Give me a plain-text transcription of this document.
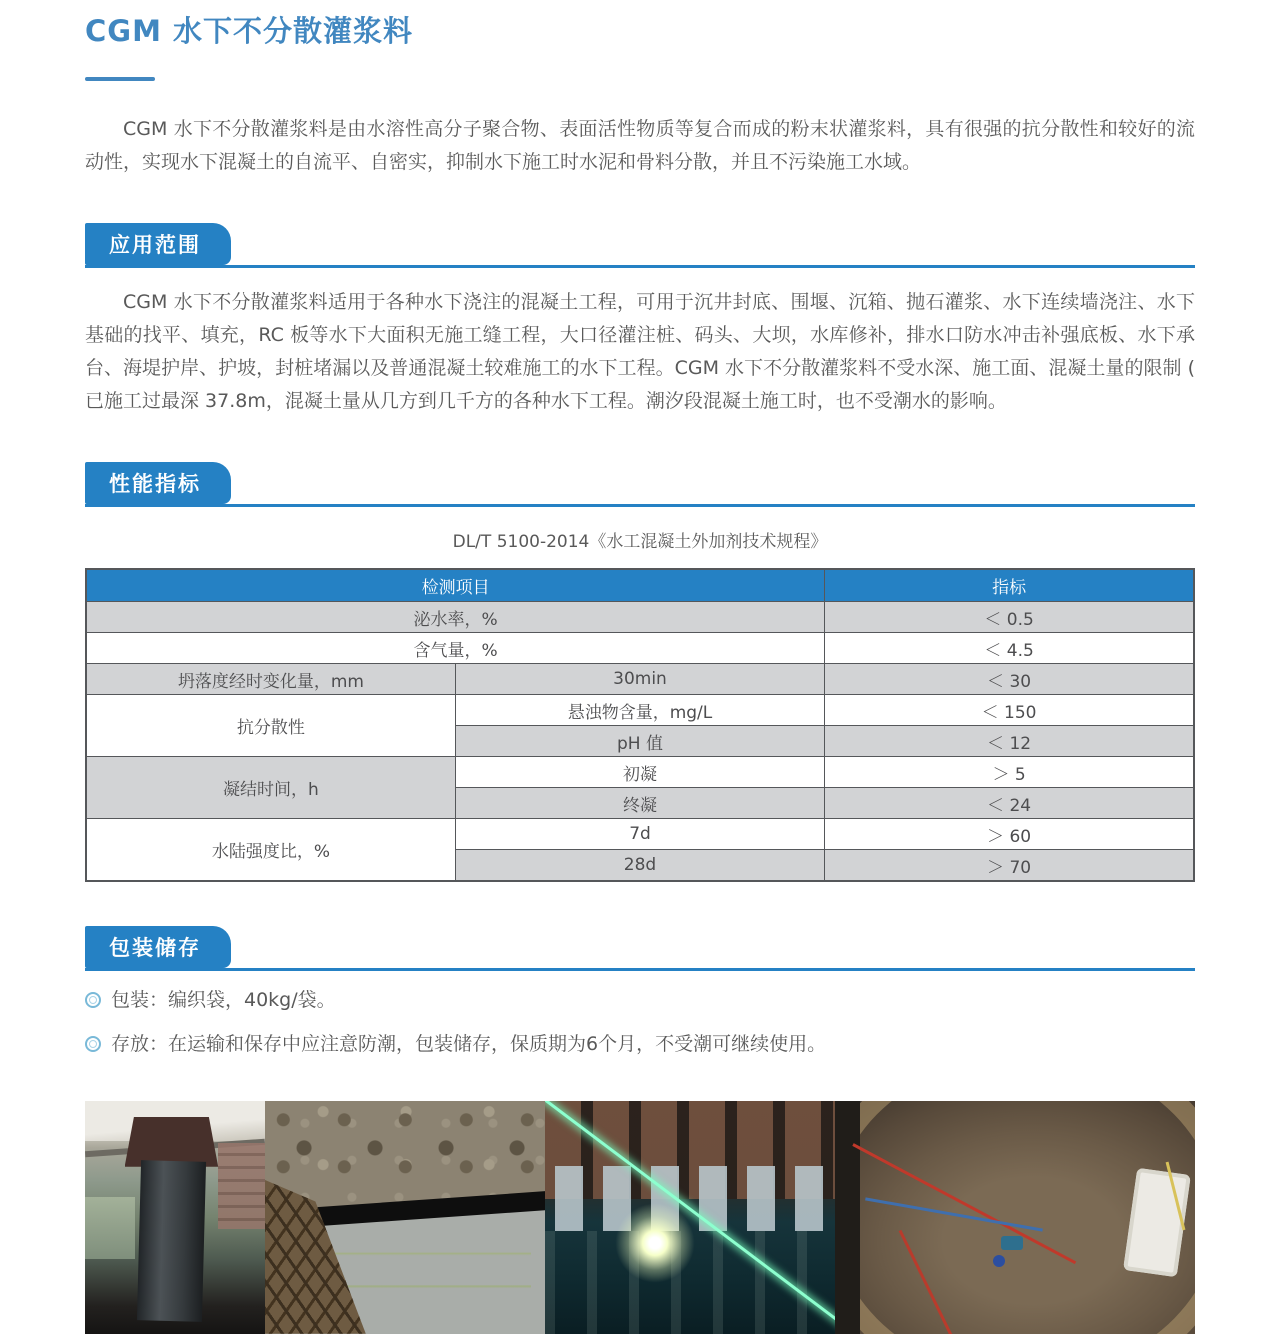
CGM 水下不分散灌浆料

CGM 水下不分散灌浆料是由水溶性高分子聚合物、表面活性物质等复合而成的粉末状灌浆料，具有很强的抗分散性和较好的流动性，实现水下混凝土的自流平、自密实，抑制水下施工时水泥和骨料分散，并且不污染施工水域。

应用范围

CGM 水下不分散灌浆料适用于各种水下浇注的混凝土工程，可用于沉井封底、围堰、沉箱、抛石灌浆、水下连续墙浇注、水下基础的找平、填充，RC 板等水下大面积无施工缝工程，大口径灌注桩、码头、大坝，水库修补，排水口防水冲击补强底板、水下承台、海堤护岸、护坡，封桩堵漏以及普通混凝土较难施工的水下工程。CGM 水下不分散灌浆料不受水深、施工面、混凝土量的限制 ( 已施工过最深 37.8m，混凝土量从几方到几千方的各种水下工程。潮汐段混凝土施工时，也不受潮水的影响。

性能指标
DL/T 5100-2014《水工混凝土外加剂技术规程》
检测项目		指标
泌水率，%		＜ 0.5
含气量，%		＜ 4.5
坍落度经时变化量，mm	30min	＜ 30
抗分散性	悬浊物含量，mg/L	＜ 150
	pH 值	＜ 12
凝结时间，h	初凝	＞ 5
	终凝	＜ 24
水陆强度比，%	7d	＞ 60
	28d	＞ 70
包装储存
包装：编织袋，40kg/袋。
存放：在运输和保存中应注意防潮，包装储存，保质期为6个月，不受潮可继续使用。
